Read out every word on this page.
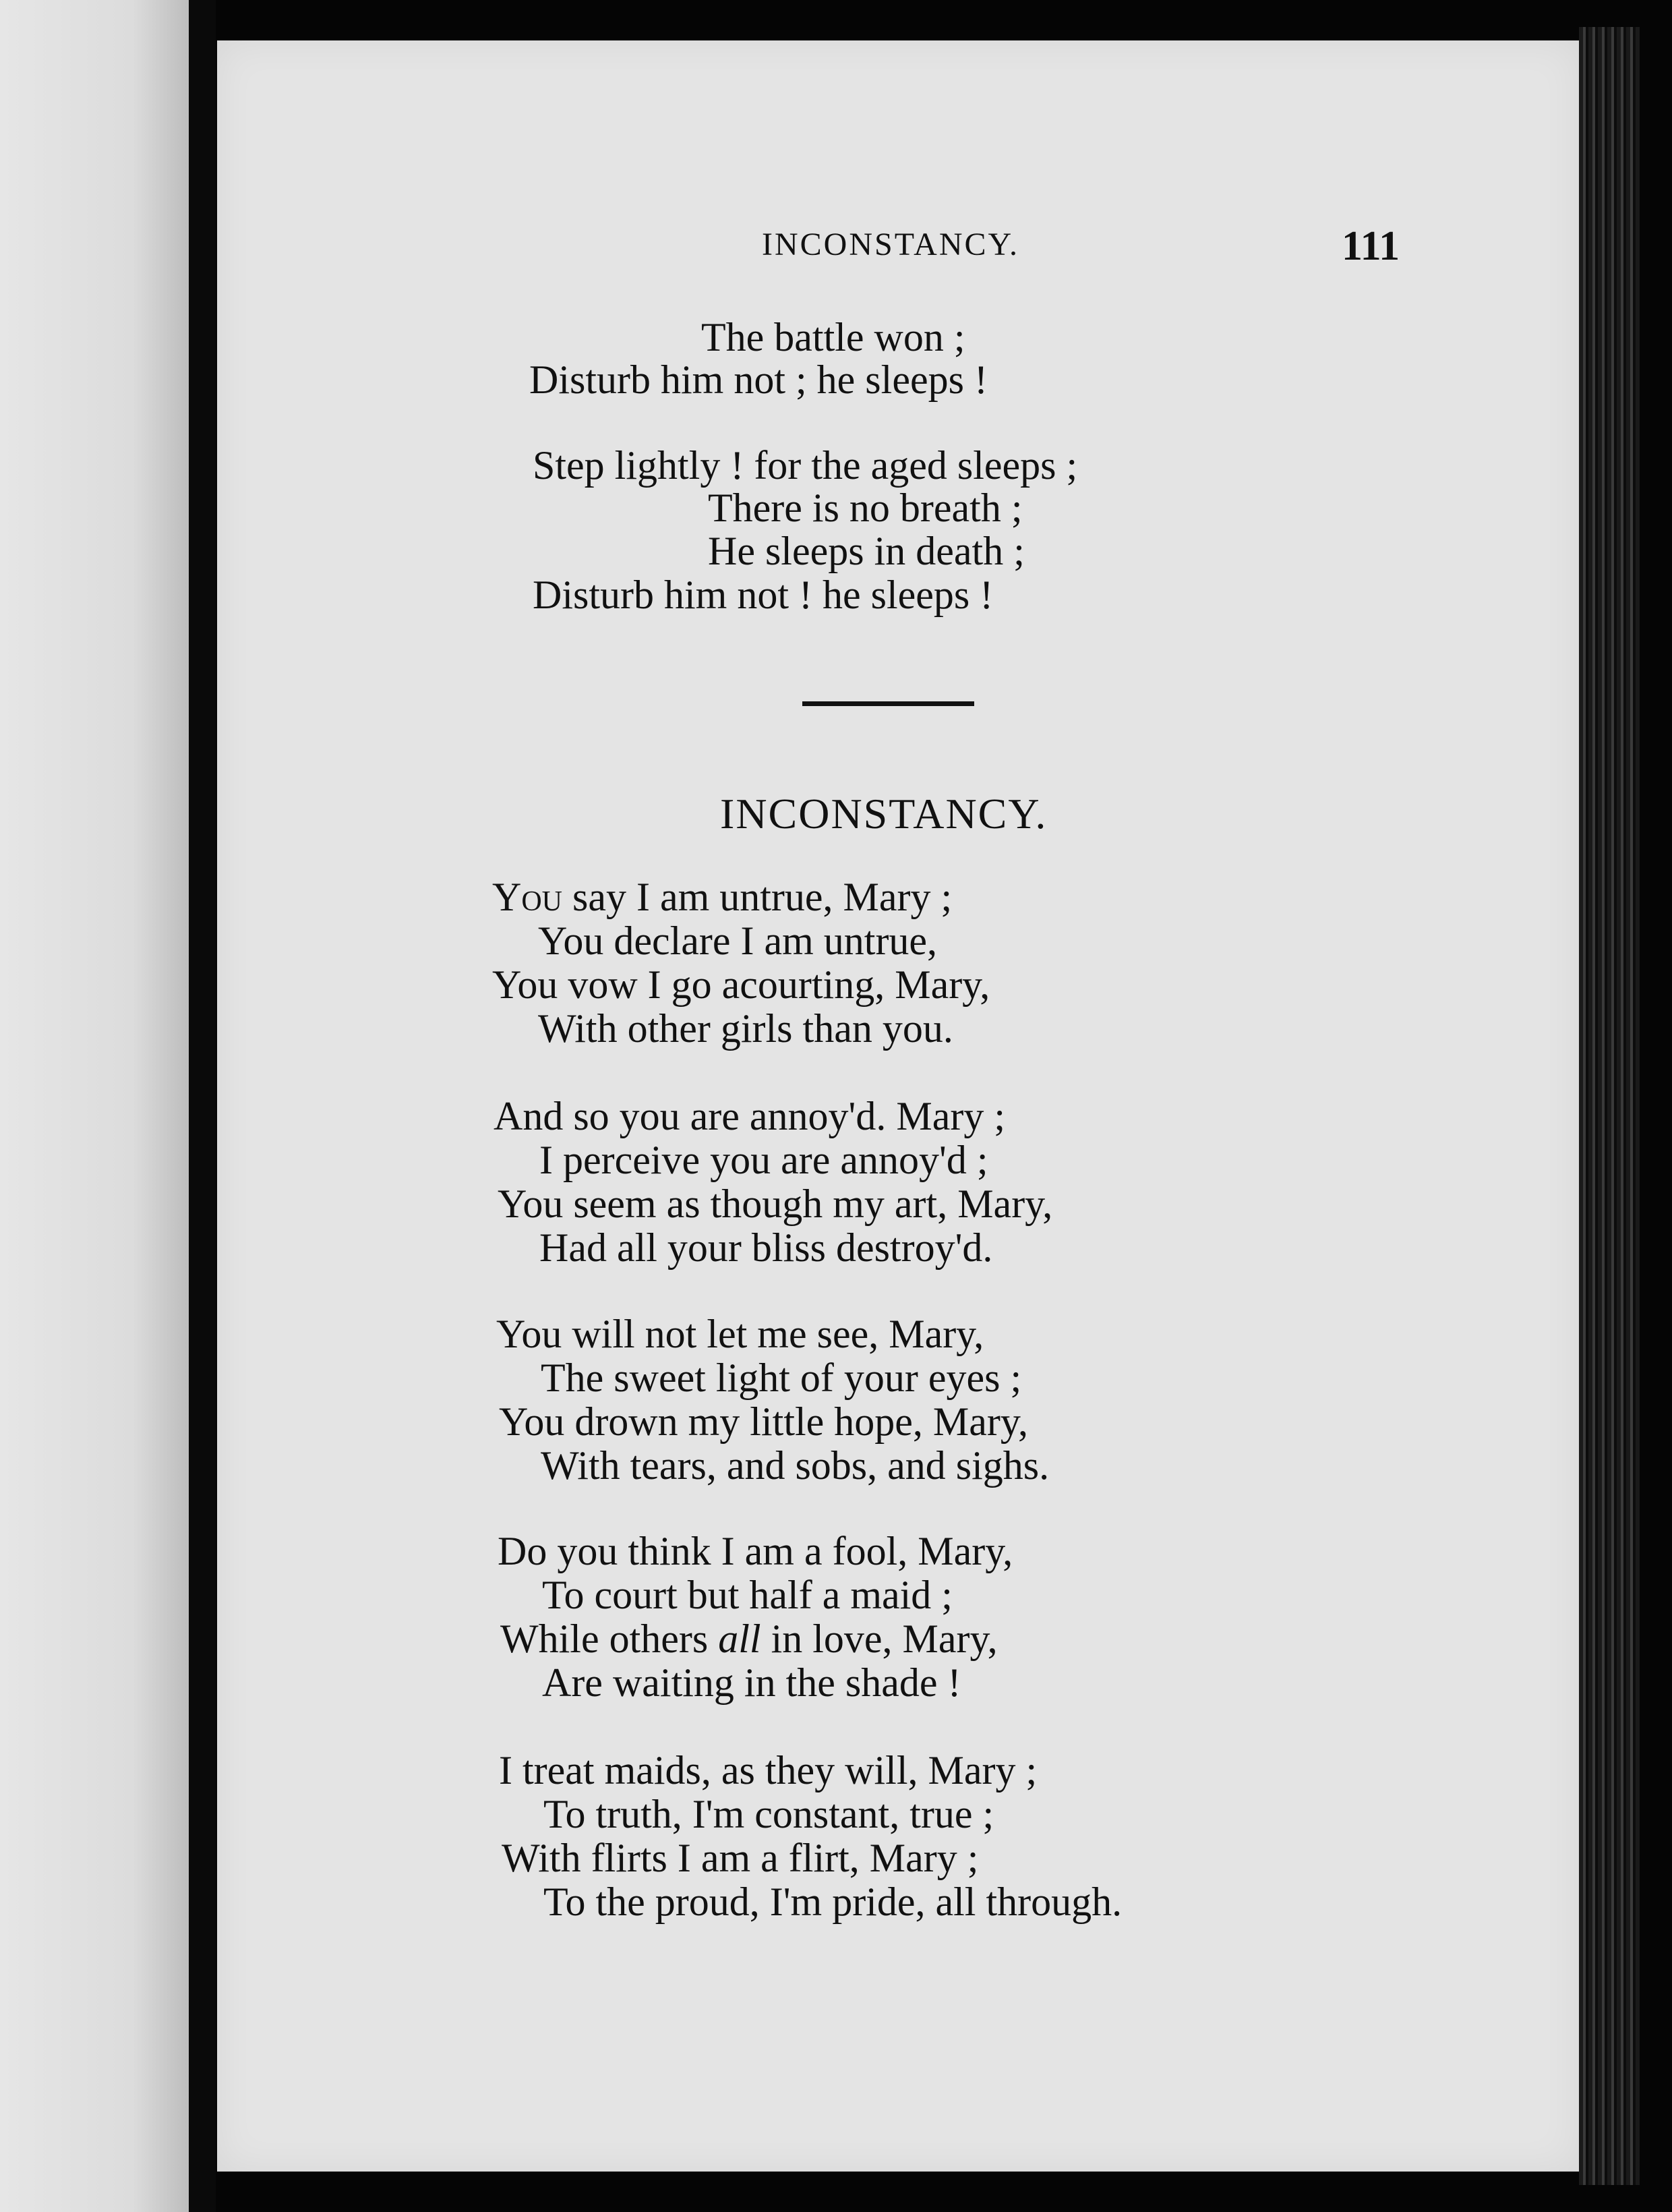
INCONSTANCY.	111
The battle won ;
Disturb him not ; he sleeps !
Step lightly ! for the aged sleeps ;
There is no breath ;
He sleeps in death ;
Disturb him not ! he sleeps !
INCONSTANCY.
You say I am untrue, Mary ;
You declare I am untrue,
You vow I go acourting, Mary,
With other girls than you.
And so you are annoy'd. Mary ;
I perceive you are annoy'd ;
You seem as though my art, Mary,
Had all your bliss destroy'd.
You will not let me see, Mary,
The sweet light of your eyes ;
You drown my little hope, Mary,
With tears, and sobs, and sighs.
Do you think I am a fool, Mary,
To court but half a maid ;
While others all in love, Mary,
Are waiting in the shade !
I treat maids, as they will, Mary ;
To truth, I'm constant, true ;
With flirts I am a flirt, Mary ;
To the proud, I'm pride, all through.
